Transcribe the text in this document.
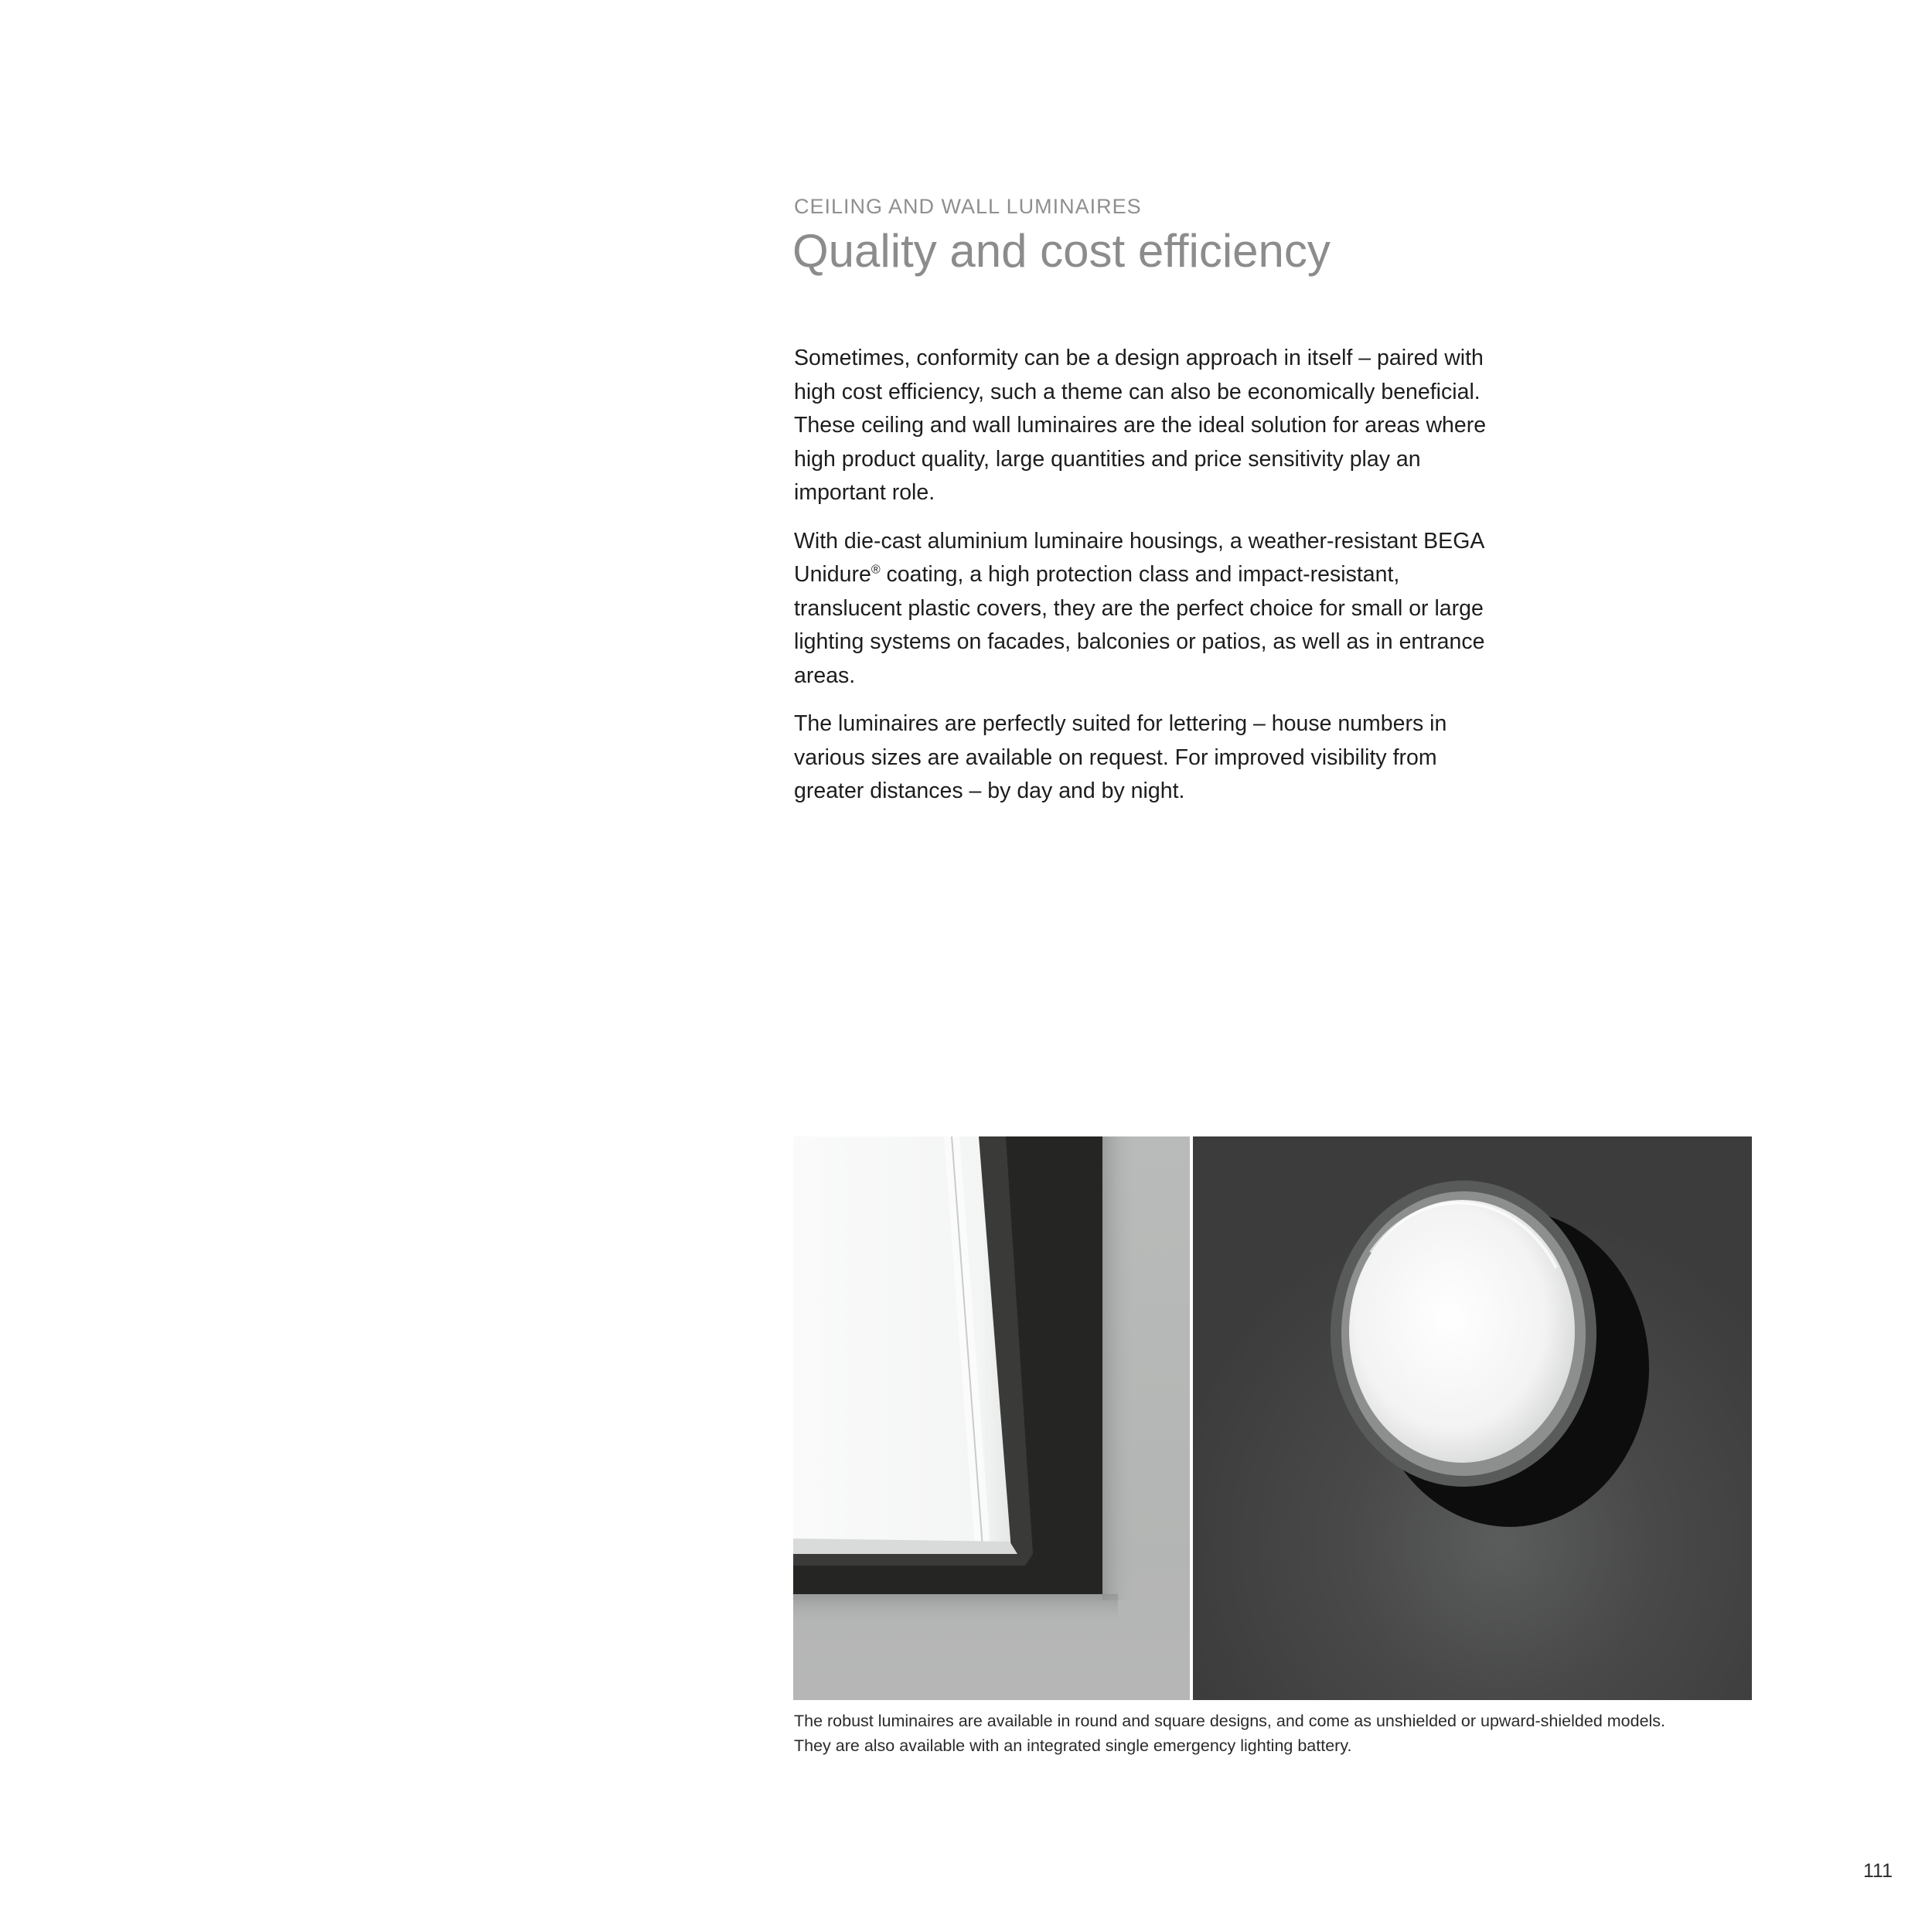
CEILING AND WALL LUMINAIRES
Quality and cost efficiency

Sometimes, conformity can be a design approach in itself – paired with high cost efficiency, such a theme can also be economically beneficial. These ceiling and wall luminaires are the ideal solution for areas where high product quality, large quantities and price sensitivity play an important role.

With die-cast aluminium luminaire housings, a weather-resistant BEGA Unidure® coating, a high protection class and impact-resistant, translucent plastic covers, they are the perfect choice for small or large lighting systems on facades, balconies or patios, as well as in entrance areas.

The luminaires are perfectly suited for lettering – house numbers in various sizes are available on request. For improved visibility from greater distances – by day and by night.

The robust luminaires are available in round and square designs, and come as unshielded or upward-shielded models.
They are also available with an integrated single emergency lighting battery.
111
